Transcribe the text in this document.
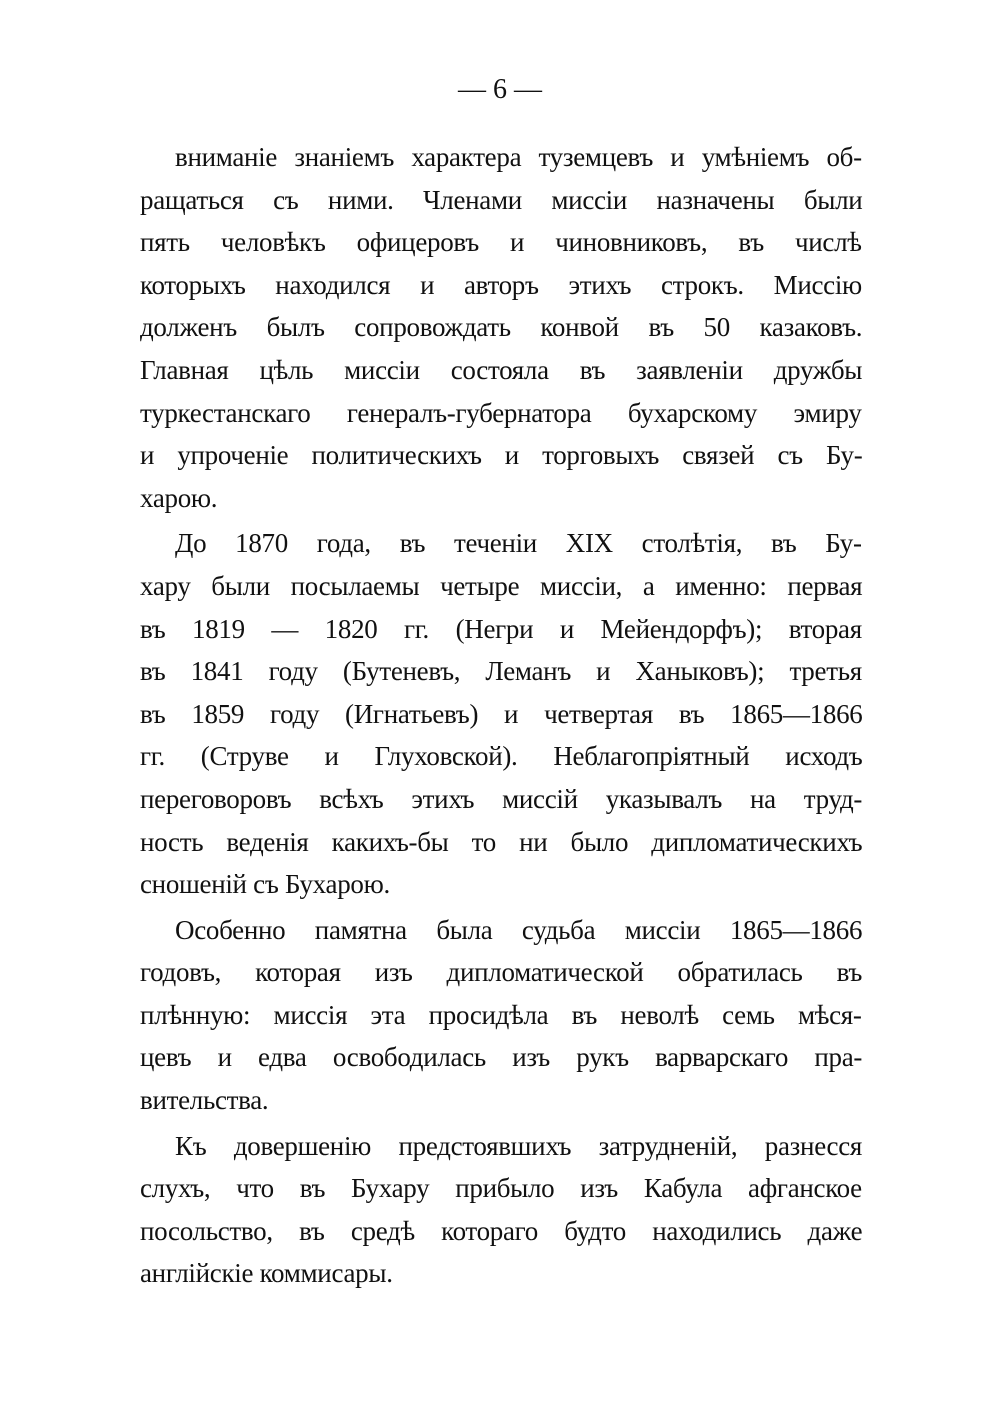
— 6 —
вниманіе знаніемъ характера туземцевъ и умѣніемъ об-
ращаться съ ними. Членами миссіи назначены были
пять человѣкъ офицеровъ и чиновниковъ, въ числѣ
которыхъ находился и авторъ этихъ строкъ. Миссію
долженъ былъ сопровождать конвой въ 50 казаковъ.
Главная цѣль миссіи состояла въ заявленіи дружбы
туркестанскаго генералъ-губернатора бухарскому эмиру
и упроченіе политическихъ и торговыхъ связей съ Бу-
харою.
До 1870 года, въ теченіи XIX столѣтія, въ Бу-
хару были посылаемы четыре миссіи, а именно: первая
въ 1819 — 1820 гг. (Негри и Мейендорфъ); вторая
въ 1841 году (Бутеневъ, Леманъ и Ханыковъ); третья
въ 1859 году (Игнатьевъ) и четвертая въ 1865—1866
гг. (Струве и Глуховской). Неблагопріятный исходъ
переговоровъ всѣхъ этихъ миссій указывалъ на труд-
ность веденія какихъ-бы то ни было дипломатическихъ
сношеній съ Бухарою.
Особенно памятна была судьба миссіи 1865—1866
годовъ, которая изъ дипломатической обратилась въ
плѣнную: миссія эта просидѣла въ неволѣ семь мѣся-
цевъ и едва освободилась изъ рукъ варварскаго пра-
вительства.
Къ довершенію предстоявшихъ затрудненій, разнесся
слухъ, что въ Бухару прибыло изъ Кабула афганское
посольство, въ средѣ котораго будто находились даже
англійскіе коммисары.
